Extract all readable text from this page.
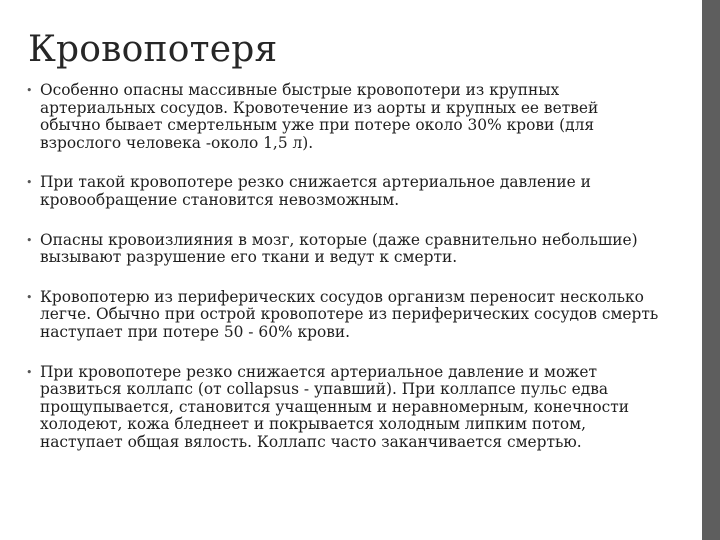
Кровопотеря
• Особенно опасны массивные быстрые кровопотери из крупных артериальных сосудов. Кровотечение из аорты и крупных ее ветвей обычно бывает смертельным уже при потере около 30% крови (для взрослого человека -около 1,5 л).
• При такой кровопотере резко снижается артериальное давление и кровообращение становится невозможным.
• Опасны кровоизлияния в мозг, которые (даже сравнительно небольшие) вызывают разрушение его ткани и ведут к смерти.
• Кровопотерю из периферических сосудов организм переносит несколько легче. Обычно при острой кровопотере из периферических сосудов смерть наступает при потере 50 - 60% крови.
• При кровопотере резко снижается артериальное давление и может развиться коллапс (от collapsus - упавший). При коллапсе пульс едва прощупывается, становится учащенным и неравномерным, конечности холодеют, кожа бледнеет и покрывается холодным липким потом, наступает общая вялость. Коллапс часто заканчивается смертью.
